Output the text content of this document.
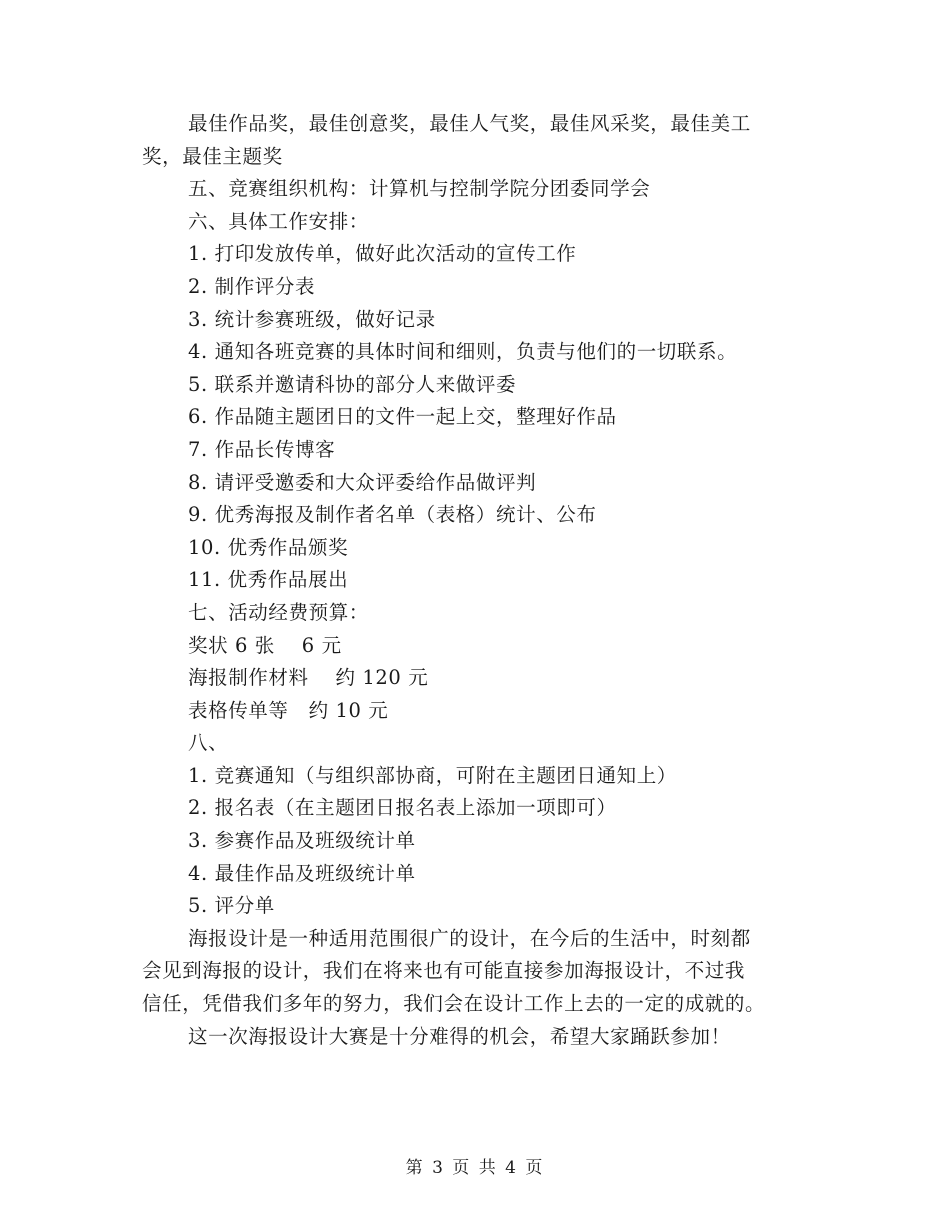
最佳作品奖，最佳创意奖，最佳人气奖，最佳风采奖，最佳美工
奖，最佳主题奖
五、竞赛组织机构：计算机与控制学院分团委同学会
六、具体工作安排：
1. 打印发放传单，做好此次活动的宣传工作
2. 制作评分表
3. 统计参赛班级，做好记录
4. 通知各班竞赛的具体时间和细则，负责与他们的一切联系。
5. 联系并邀请科协的部分人来做评委
6. 作品随主题团日的文件一起上交，整理好作品
7. 作品长传博客
8. 请评受邀委和大众评委给作品做评判
9. 优秀海报及制作者名单（表格）统计、公布
10. 优秀作品颁奖
11. 优秀作品展出
七、活动经费预算：
奖状 6 张　 6 元
海报制作材料　 约 120 元
表格传单等　约 10 元
八、
1. 竞赛通知（与组织部协商，可附在主题团日通知上）
2. 报名表（在主题团日报名表上添加一项即可）
3. 参赛作品及班级统计单
4. 最佳作品及班级统计单
5. 评分单
海报设计是一种适用范围很广的设计，在今后的生活中，时刻都
会见到海报的设计，我们在将来也有可能直接参加海报设计，不过我
信任，凭借我们多年的努力，我们会在设计工作上去的一定的成就的。
这一次海报设计大赛是十分难得的机会，希望大家踊跃参加！
第 3 页 共 4 页
